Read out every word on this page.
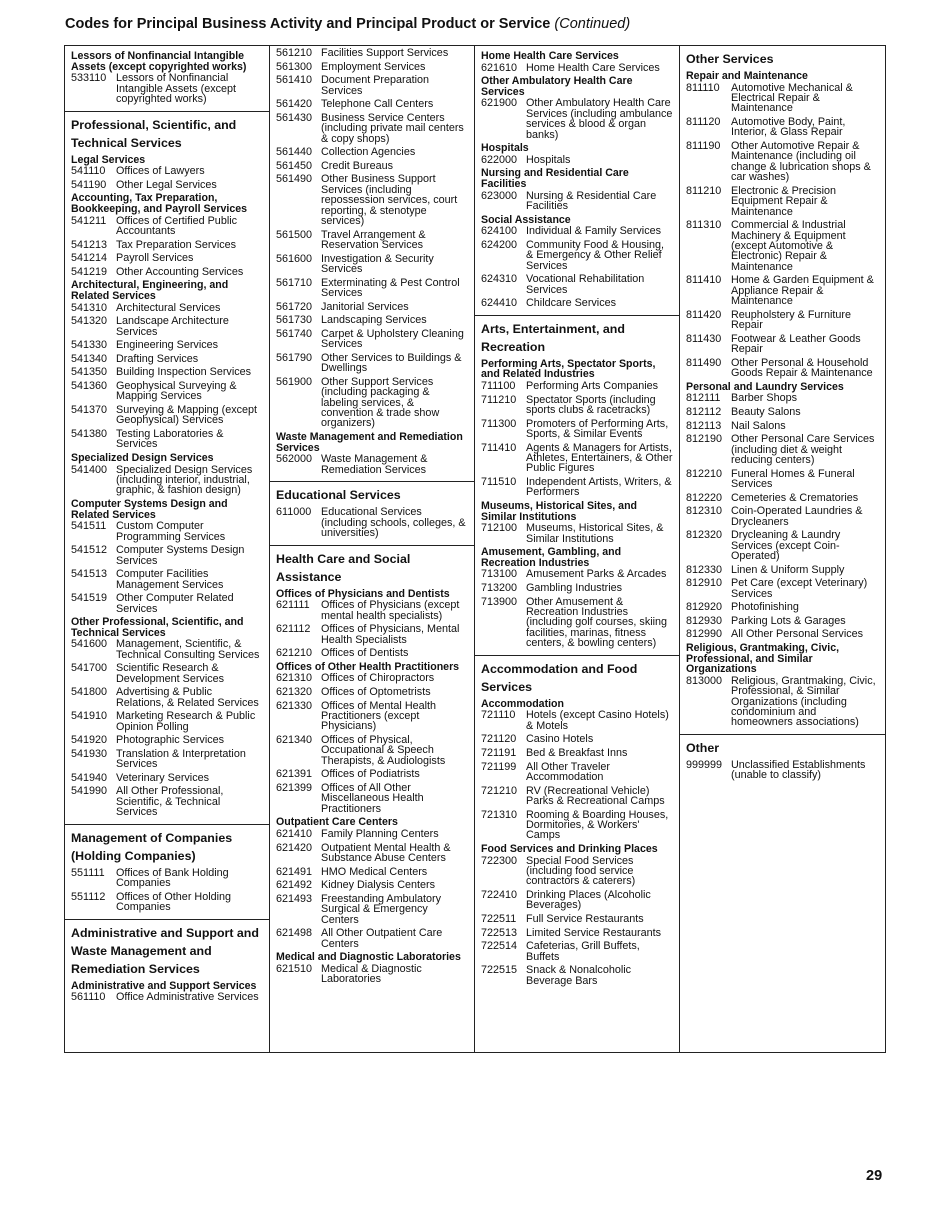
Codes for Principal Business Activity and Principal Product or Service (Continued)
Lessors of Nonfinancial Intangible Assets (except copyrighted works)
533110 Lessors of Nonfinancial Intangible Assets (except copyrighted works)
Professional, Scientific, and Technical Services
Legal Services
541110 Offices of Lawyers
541190 Other Legal Services
Accounting, Tax Preparation, Bookkeeping, and Payroll Services
541211 Offices of Certified Public Accountants
541213 Tax Preparation Services
541214 Payroll Services
541219 Other Accounting Services
Architectural, Engineering, and Related Services
541310 Architectural Services
541320 Landscape Architecture Services
541330 Engineering Services
541340 Drafting Services
541350 Building Inspection Services
541360 Geophysical Surveying & Mapping Services
541370 Surveying & Mapping (except Geophysical) Services
541380 Testing Laboratories & Services
Specialized Design Services
541400 Specialized Design Services (including interior, industrial, graphic, & fashion design)
Computer Systems Design and Related Services
541511 Custom Computer Programming Services
541512 Computer Systems Design Services
541513 Computer Facilities Management Services
541519 Other Computer Related Services
Other Professional, Scientific, and Technical Services
541600 Management, Scientific, & Technical Consulting Services
541700 Scientific Research & Development Services
541800 Advertising & Public Relations, & Related Services
541910 Marketing Research & Public Opinion Polling
541920 Photographic Services
541930 Translation & Interpretation Services
541940 Veterinary Services
541990 All Other Professional, Scientific, & Technical Services
Management of Companies (Holding Companies)
551111	Offices of Bank Holding Companies
551112 Offices of Other Holding Companies
Administrative and Support and Waste Management and Remediation Services
Administrative and Support Services
561110 Office Administrative Services
561210 Facilities Support Services
561300 Employment Services
561410 Document Preparation Services
561420 Telephone Call Centers
561430 Business Service Centers (including private mail centers & copy shops)
561440 Collection Agencies
561450 Credit Bureaus
561490 Other Business Support Services (including repossession services, court reporting, & stenotype services)
561500 Travel Arrangement & Reservation Services
561600 Investigation & Security Services
561710 Exterminating & Pest Control Services
561720 Janitorial Services
561730 Landscaping Services
561740 Carpet & Upholstery Cleaning Services
561790 Other Services to Buildings & Dwellings
561900 Other Support Services (including packaging & labeling services, & convention & trade show organizers)
Waste Management and Remediation Services
562000 Waste Management & Remediation Services
Educational Services
611000 Educational Services (including schools, colleges, & universities)
Health Care and Social Assistance
Offices of Physicians and Dentists
621111	Offices of Physicians (except mental health specialists)
621112 Offices of Physicians, Mental Health Specialists
621210 Offices of Dentists
Offices of Other Health Practitioners
621310 Offices of Chiropractors
621320 Offices of Optometrists
621330 Offices of Mental Health Practitioners (except Physicians)
621340 Offices of Physical, Occupational & Speech Therapists, & Audiologists
621391 Offices of Podiatrists
621399 Offices of All Other Miscellaneous Health Practitioners
Outpatient Care Centers
621410 Family Planning Centers
621420 Outpatient Mental Health & Substance Abuse Centers
621491 HMO Medical Centers
621492 Kidney Dialysis Centers
621493 Freestanding Ambulatory Surgical & Emergency Centers
621498 All Other Outpatient Care Centers
Medical and Diagnostic Laboratories
621510 Medical & Diagnostic Laboratories
Home Health Care Services
621610 Home Health Care Services
Other Ambulatory Health Care Services
621900 Other Ambulatory Health Care Services (including ambulance services & blood & organ banks)
Hospitals
622000 Hospitals
Nursing and Residential Care Facilities
623000 Nursing & Residential Care Facilities
Social Assistance
624100 Individual & Family Services
624200 Community Food & Housing, & Emergency & Other Relief Services
624310 Vocational Rehabilitation Services
624410 Childcare Services
Arts, Entertainment, and Recreation
Performing Arts, Spectator Sports, and Related Industries
711100 Performing Arts Companies
711210 Spectator Sports (including sports clubs & racetracks)
711300 Promoters of Performing Arts, Sports, & Similar Events
711410 Agents & Managers for Artists, Athletes, Entertainers, & Other Public Figures
711510 Independent Artists, Writers, & Performers
Museums, Historical Sites, and Similar Institutions
712100 Museums, Historical Sites, & Similar Institutions
Amusement, Gambling, and Recreation Industries
713100 Amusement Parks & Arcades
713200 Gambling Industries
713900 Other Amusement & Recreation Industries (including golf courses, skiing facilities, marinas, fitness centers, & bowling centers)
Accommodation and Food Services
Accommodation
721110 Hotels (except Casino Hotels) & Motels
721120 Casino Hotels
721191 Bed & Breakfast Inns
721199 All Other Traveler Accommodation
721210 RV (Recreational Vehicle) Parks & Recreational Camps
721310 Rooming & Boarding Houses, Dormitories, & Workers' Camps
Food Services and Drinking Places
722300 Special Food Services (including food service contractors & caterers)
722410 Drinking Places (Alcoholic Beverages)
722511 Full Service Restaurants
722513 Limited Service Restaurants
722514 Cafeterias, Grill Buffets, Buffets
722515 Snack & Nonalcoholic Beverage Bars
Other Services
Repair and Maintenance
811110	Automotive Mechanical & Electrical Repair & Maintenance
811120 Automotive Body, Paint, Interior, & Glass Repair
811190 Other Automotive Repair & Maintenance (including oil change & lubrication shops & car washes)
811210 Electronic & Precision Equipment Repair & Maintenance
811310 Commercial & Industrial Machinery & Equipment (except Automotive & Electronic) Repair & Maintenance
811410 Home & Garden Equipment & Appliance Repair & Maintenance
811420 Reupholstery & Furniture Repair
811430 Footwear & Leather Goods Repair
811490 Other Personal & Household Goods Repair & Maintenance
Personal and Laundry Services
812111 Barber Shops
812112 Beauty Salons
812113 Nail Salons
812190 Other Personal Care Services (including diet & weight reducing centers)
812210 Funeral Homes & Funeral Services
812220 Cemeteries & Crematories
812310 Coin-Operated Laundries & Drycleaners
812320 Drycleaning & Laundry Services (except Coin-Operated)
812330 Linen & Uniform Supply
812910 Pet Care (except Veterinary) Services
812920 Photofinishing
812930 Parking Lots & Garages
812990 All Other Personal Services
Religious, Grantmaking, Civic, Professional, and Similar Organizations
813000 Religious, Grantmaking, Civic, Professional, & Similar Organizations (including condominium and homeowners associations)
Other
999999 Unclassified Establishments (unable to classify)
29
